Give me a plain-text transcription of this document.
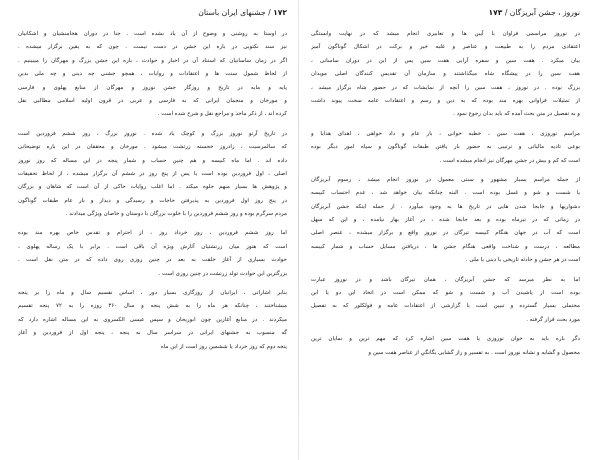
۱۷۲ / جشنهای ایران باستان
در اوستا به روشنی و وضوح از آن یاد نشده است . جنا در دوران هخامنشیان و اشکانیان
نیز سند نکتوبی در باره این جشن در دست نیست . چون که به یقین برگزار میشده .
اگر در زمان ساسانیان که استناد آن در اخبار و حوادث ، باره این جشن بزرگ و مهرگان را میبینیم .
از لحاظ شمول سنت ها و اعتقادات و روایات ، همچو جشنی چه دینی و چه ملی بدین
پایه و مایه در تاریخ و روزگار جشن نوروز و مهرگان از منابع پهلوی و فارسی
و مورخان و منجمان ایرانی که به فارسی و عربی در قرون اولیه اسلامی مطالبی نقل
کرده اند ، از ذکر ماخذ و مراجع نقل و شرح شده است .
در تاریخ آرتو نوروز بزرگ و کوچک یاد شده . نوروز بزرگ ، روز ششم فروردین است
که سالمرسیت ، زادروز خجسته زرتشت میشود . مورخان و محققان در این باره توضیحاتی
داده اند . اما ماه کبیسه و هم چنین حساب و شمار پنجه در این مساله که روز نوروز
اصلی ، اول فروردین بوده است یا پس از پنج روز در ششم آن برگزار میشده ، از لحاظ تحقیقات
و پژوهش ها بسیار مبهم جلوه میکند . اما اغلب روایات حاکی از آن است که شاهان و بزرگان
در پنج روز اول فروردین به پذیرفتن حاجات و رسیدگی و دیدار و بار عام طبقات گوناگون
مردم سرگرم بوده و روز ششم فروردین را با خلوت بزرگان با دوستان و خاصان ویژگی میدادند .
اما روز ششم فروردین ، روز خرداد روز ، از احترام و تقدس خاص بهره مند بوده
است که هنوز میان زرتشتیان آثارش ویژه آن باقی است . برابر با یک رساله پهلوی ،
حوادث بسیاری از آغاز خلقت به بعد در چنین روزی روی داده که در متن نقل است .
بزرگترین این حوادث تولد زرتشت در چنین روزی است .
بنابر اشاراتی ، ایرانیان از روزگاری بسیار دور ، اساس تقسیم سال و ماه را بر پنجه
میشناختند ، چنانکه هر ماه را به شش پنجه و سال ۳۶۰ روزه را به ۷۲ پنجه تقسیم
میکردند . در منابع آغازین چون ابوریحان و سپس عیسی الکسروی به این مساله اشاره دارد که
گه منسوب به جشنهای ایرانی در سراسر سال به پنجه ، پنجه اول از فروردین و آغاز
پنجه دوم که روز خرداد یا ششمین روز است از این ماه
نوروز ، جشن آبریزگان / ۱۷۳
در نوروز مراسمی فراوان با آیین ها و تعابیری انجام میشد که در نهایت وابستگی
اعتقادی مردم را به طبیعت و عناصر و غلبه خیر و برکت در اشکال گوناگون آمیز
بیان میکرد . هفت سین و سفره آرایی هفت سین پس از این در دوران ساسانی ،
هفت سین را در پیشگاه شاه میگذاشتند و سازمان آن تقدیس کنندگان اصلی مویدان
بزرگ بوده . در نوروز ، هفت سین را آنچه از نمایشات که در حضور شاه برگزار میشد ،
از تمثیلات فراوانی بهره مند بوده که به دین و رسم و اعتقادات عامه سخت پیوند داشت
و به تفصیل در متن بحث آمده که باید بدان رجوع نمود .
مراسم نوروزی ، هفت سین ، خطبه خوانی ، بار عام و داد خواهی ، اهدای هدایا و
بوعی تادیه مالیاتی و ترتیبی به حضور بار یافتن طبقات گوناگون و سپاه امور دیگر بوده
است که کم و بیش در جشن مهرگان نیز انجام میشده است .
از جمله مراسم بسیار مشهور و سنتی معمول در نوروز انجام میشد ، رسوم آبریزگان
یا شست و شو و غسل بوده است . البته چنانکه بیان خواهد شد ، عدم احتساب کبیسه
دشواریها و جابجا شدن هایی در تاریخ ها به وجود میآورد . از جمله اینکه جشن آبریزگان
در زمانی که در تیرماه بوده و بعد جابجا شده ، در آغاز بهار نیامده ، و این که سهل
است که آب در جهان هنگام کبیسه تیرگان در نوروز واقع و برگزار میشده ، عنصر اصلی
مطالعه ، درست و شناخت واقعی هنگام جشن ها ، دریافتن مسایل حساب و شمار کبیسه
است در هر جشن و حادثه تاریخی با دینی یا ملی .
اما به نظر میرسد که جشن آبریزگان ، همان تیرگان باشد و در نوروز عبارت
بوده است از پاشیدن آب و شست و شو که ممکن است در اتحاد این دو یا این
محتملی بسیار گسترده و تبیین است با گزارشی از اعتقادات عامه و فولکلور که به تفصیل
مورد بحث قرار گرفته .
دگر باره باید به خوان نوروزی یا هفت سین اشاره کرد که مهم ترین و نمایان ترین
محصول و گشایه و نشانه نوروز است . به تفسیر و راز گشایی یگانگیِ از عناصر هفت سین و
